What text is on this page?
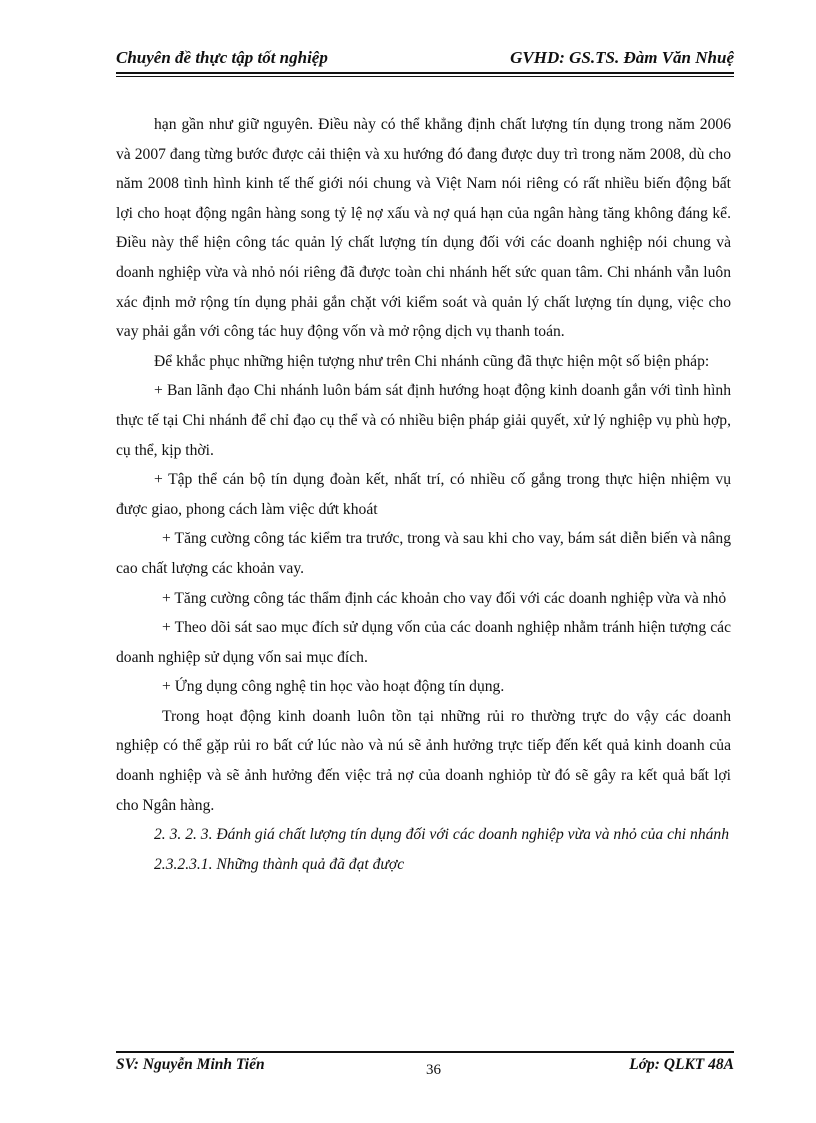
Chuyên đề thực tập tốt nghiệp	GVHD: GS.TS. Đàm Văn Nhuệ

hạn gần như giữ nguyên. Điều này có thể khẳng định chất lượng tín dụng trong năm 2006 và 2007 đang từng bước được cải thiện và xu hướng đó đang được duy trì trong năm 2008, dù cho năm 2008 tình hình kinh tế thế giới nói chung và Việt Nam nói riêng có rất nhiều biến động bất lợi cho hoạt động ngân hàng song tỷ lệ nợ xấu và nợ quá hạn của ngân hàng tăng không đáng kể. Điều này thể hiện công tác quản lý chất lượng tín dụng đối với các doanh nghiệp nói chung và doanh nghiệp vừa và nhỏ nói riêng đã được toàn chi nhánh hết sức quan tâm. Chi nhánh vẫn luôn xác định mở rộng tín dụng phải gắn chặt với kiểm soát và quản lý chất lượng tín dụng, việc cho vay phải gắn với công tác huy động vốn và mở rộng dịch vụ thanh toán.

Để khắc phục những hiện tượng như trên Chi nhánh cũng đã thực hiện một số biện pháp:

+ Ban lãnh đạo Chi nhánh luôn bám sát định hướng hoạt động kinh doanh gắn với tình hình thực tế tại Chi nhánh để chỉ đạo cụ thể và có nhiều biện pháp giải quyết, xử lý nghiệp vụ phù hợp, cụ thể, kịp thời.

+ Tập thể cán bộ tín dụng đoàn kết, nhất trí, có nhiều cố gắng trong thực hiện nhiệm vụ được giao, phong cách làm việc dứt khoát

+ Tăng cường công tác kiểm tra trước, trong và sau khi cho vay, bám sát diễn biến và nâng cao chất lượng các khoản vay.

+ Tăng cường công tác thẩm định các khoản cho vay đối với các doanh nghiệp vừa và nhỏ

+ Theo dõi sát sao mục đích sử dụng vốn của các doanh nghiệp nhằm tránh hiện tượng các doanh nghiệp sử dụng vốn sai mục đích.

+ Ứng dụng công nghệ tin học vào hoạt động tín dụng.

Trong hoạt động kinh doanh luôn tồn tại những rủi ro thường trực do vậy các doanh nghiệp có thể gặp rủi ro bất cứ lúc nào và nú sẽ ảnh hưởng trực tiếp đến kết quả kinh doanh của doanh nghiệp và sẽ ảnh hưởng đến việc trả nợ của doanh nghiỏp từ đó sẽ gây ra kết quả bất lợi cho Ngân hàng.

2. 3. 2. 3. Đánh giá chất lượng tín dụng đối với các doanh nghiệp vừa và nhỏ của chi nhánh

2.3.2.3.1. Những thành quả đã đạt được

SV: Nguyễn Minh Tiến	36	Lớp: QLKT 48A
